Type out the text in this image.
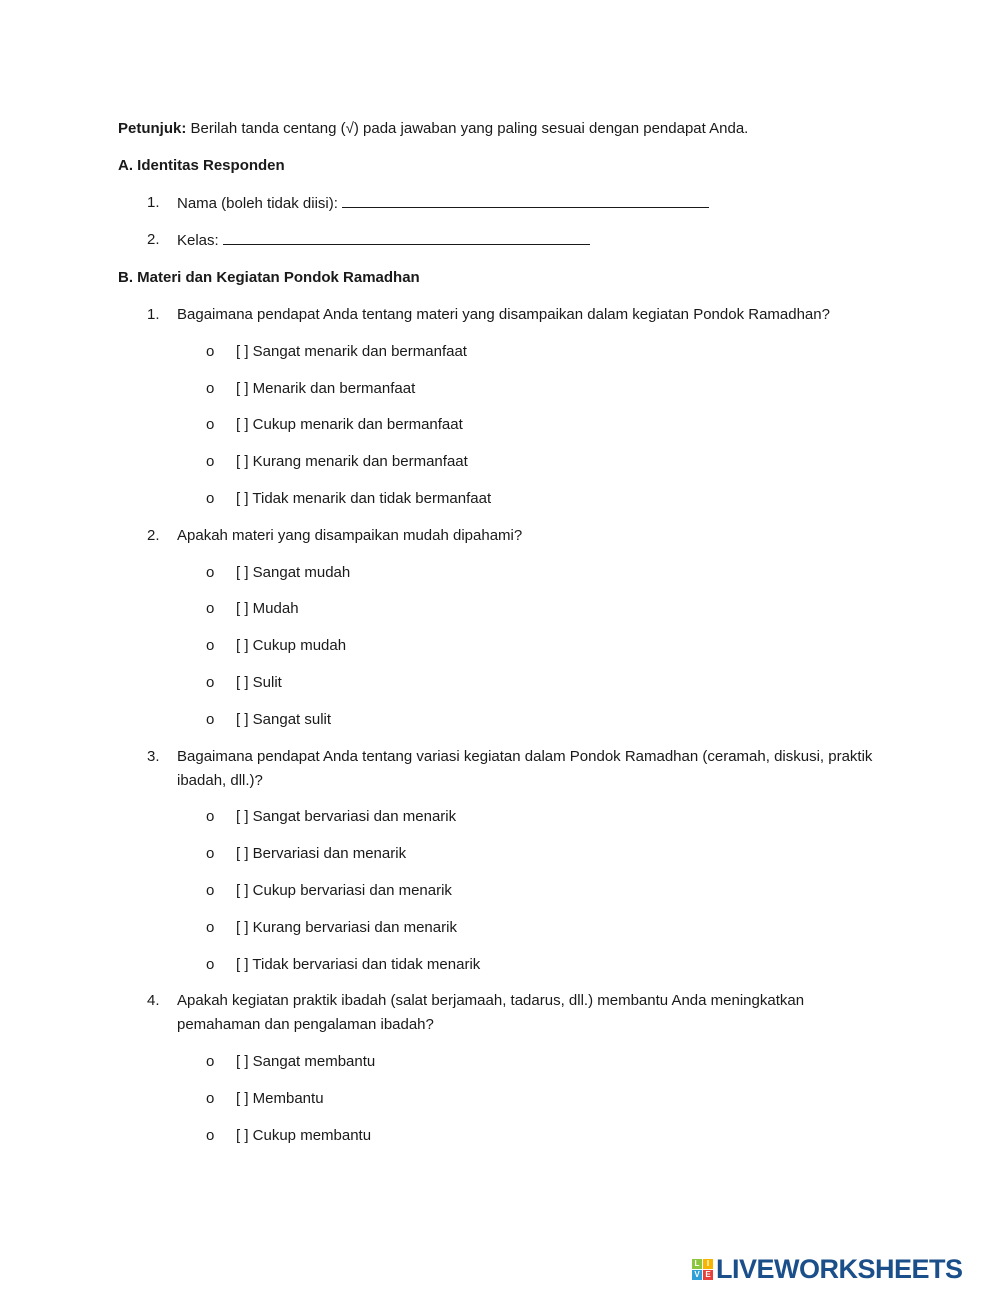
Petunjuk: Berilah tanda centang (√) pada jawaban yang paling sesuai dengan pendapat Anda.

A. Identitas Responden

1. Nama (boleh tidak diisi):

2. Kelas:

B. Materi dan Kegiatan Pondok Ramadhan

1. Bagaimana pendapat Anda tentang materi yang disampaikan dalam kegiatan Pondok Ramadhan?

o [ ] Sangat menarik dan bermanfaat

o [ ] Menarik dan bermanfaat

o [ ] Cukup menarik dan bermanfaat

o [ ] Kurang menarik dan bermanfaat

o [ ] Tidak menarik dan tidak bermanfaat

2. Apakah materi yang disampaikan mudah dipahami?

o [ ] Sangat mudah

o [ ] Mudah

o [ ] Cukup mudah

o [ ] Sulit

o [ ] Sangat sulit

3. Bagaimana pendapat Anda tentang variasi kegiatan dalam Pondok Ramadhan (ceramah, diskusi, praktik ibadah, dll.)?

o [ ] Sangat bervariasi dan menarik

o [ ] Bervariasi dan menarik

o [ ] Cukup bervariasi dan menarik

o [ ] Kurang bervariasi dan menarik

o [ ] Tidak bervariasi dan tidak menarik

4. Apakah kegiatan praktik ibadah (salat berjamaah, tadarus, dll.) membantu Anda meningkatkan pemahaman dan pengalaman ibadah?

o [ ] Sangat membantu

o [ ] Membantu

o [ ] Cukup membantu

L I
V E LIVEWORKSHEETS
